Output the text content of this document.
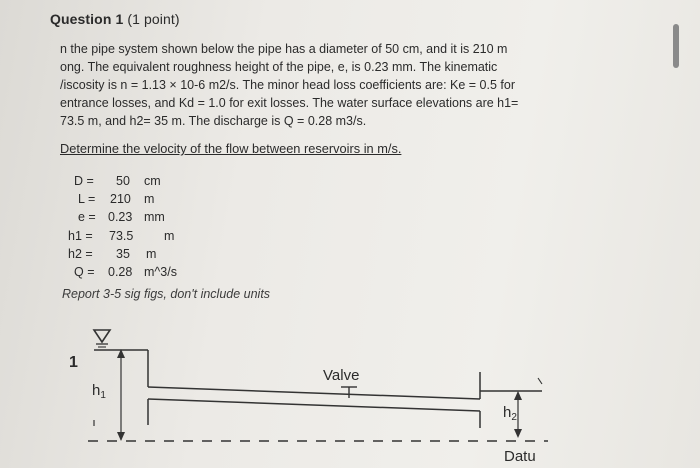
Question 1 (1 point)
n the pipe system shown below the pipe has a diameter of 50 cm, and it is 210 m
ong. The equivalent roughness height of the pipe, e, is 0.23 mm. The kinematic
/iscosity is n = 1.13 × 10-6 m2/s. The minor head loss coefficients are: Ke = 0.5 for
entrance losses, and Kd = 1.0 for exit losses. The water surface elevations are h1=
73.5 m, and h2= 35 m. The discharge is Q = 0.28 m3/s.
Determine the velocity of the flow between reservoirs in m/s.
D = 50 cm
L = 210 m
e = 0.23 mm
h1 = 73.5 m
h2 = 35 m
Q = 0.28 m^3/s
Report 3-5 sig figs, don't include units
1
$h_1$
Valve
$h_2$
Datu
